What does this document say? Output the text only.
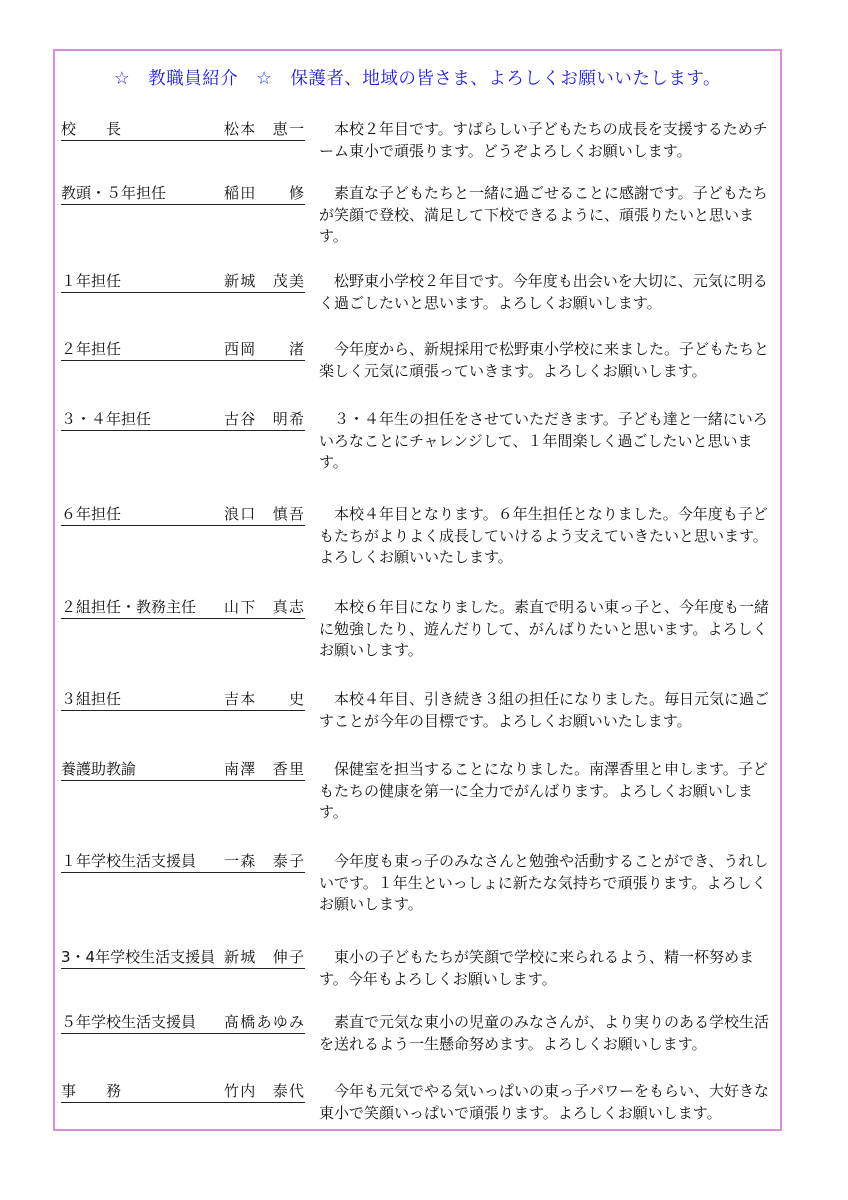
☆　教職員紹介　☆　保護者、地域の皆さま、よろしくお願いいたします。
校　　長	松本　恵一	本校２年目です。すばらしい子どもたちの成長を支援するためチーム東小で頑張ります。どうぞよろしくお願いします。

教頭・５年担任	稲田　　修	素直な子どもたちと一緒に過ごせることに感謝です。子どもたちが笑顔で登校、満足して下校できるように、頑張りたいと思います。

１年担任	新城　茂美	松野東小学校２年目です。今年度も出会いを大切に、元気に明るく過ごしたいと思います。よろしくお願いします。

２年担任	西岡　　渚	今年度から、新規採用で松野東小学校に来ました。子どもたちと楽しく元気に頑張っていきます。よろしくお願いします。

３・４年担任	古谷　明希	３・４年生の担任をさせていただきます。子ども達と一緒にいろいろなことにチャレンジして、１年間楽しく過ごしたいと思います。

６年担任	浪口　慎吾	本校４年目となります。６年生担任となりました。今年度も子どもたちがよりよく成長していけるよう支えていきたいと思います。よろしくお願いいたします。

２組担任・教務主任 山下　真志	本校６年目になりました。素直で明るい東っ子と、今年度も一緒に勉強したり、遊んだりして、がんばりたいと思います。よろしくお願いします。

３組担任	吉本　　史	本校４年目、引き続き３組の担任になりました。毎日元気に過ごすことが今年の目標です。よろしくお願いいたします。

養護助教諭	南澤　香里	保健室を担当することになりました。南澤香里と申します。子どもたちの健康を第一に全力でがんばります。よろしくお願いします。

１年学校生活支援員 一森　泰子	今年度も東っ子のみなさんと勉強や活動することができ、うれしいです。１年生といっしょに新たな気持ちで頑張ります。よろしくお願いします。

3・4年学校生活支援員 新城　伸子	東小の子どもたちが笑顔で学校に来られるよう、精一杯努めます。今年もよろしくお願いします。

５年学校生活支援員 髙橋あゆみ	素直で元気な東小の児童のみなさんが、より実りのある学校生活を送れるよう一生懸命努めます。よろしくお願いします。

事　　務	竹内　泰代	今年も元気でやる気いっぱいの東っ子パワーをもらい、大好きな東小で笑顔いっぱいで頑張ります。よろしくお願いします。
